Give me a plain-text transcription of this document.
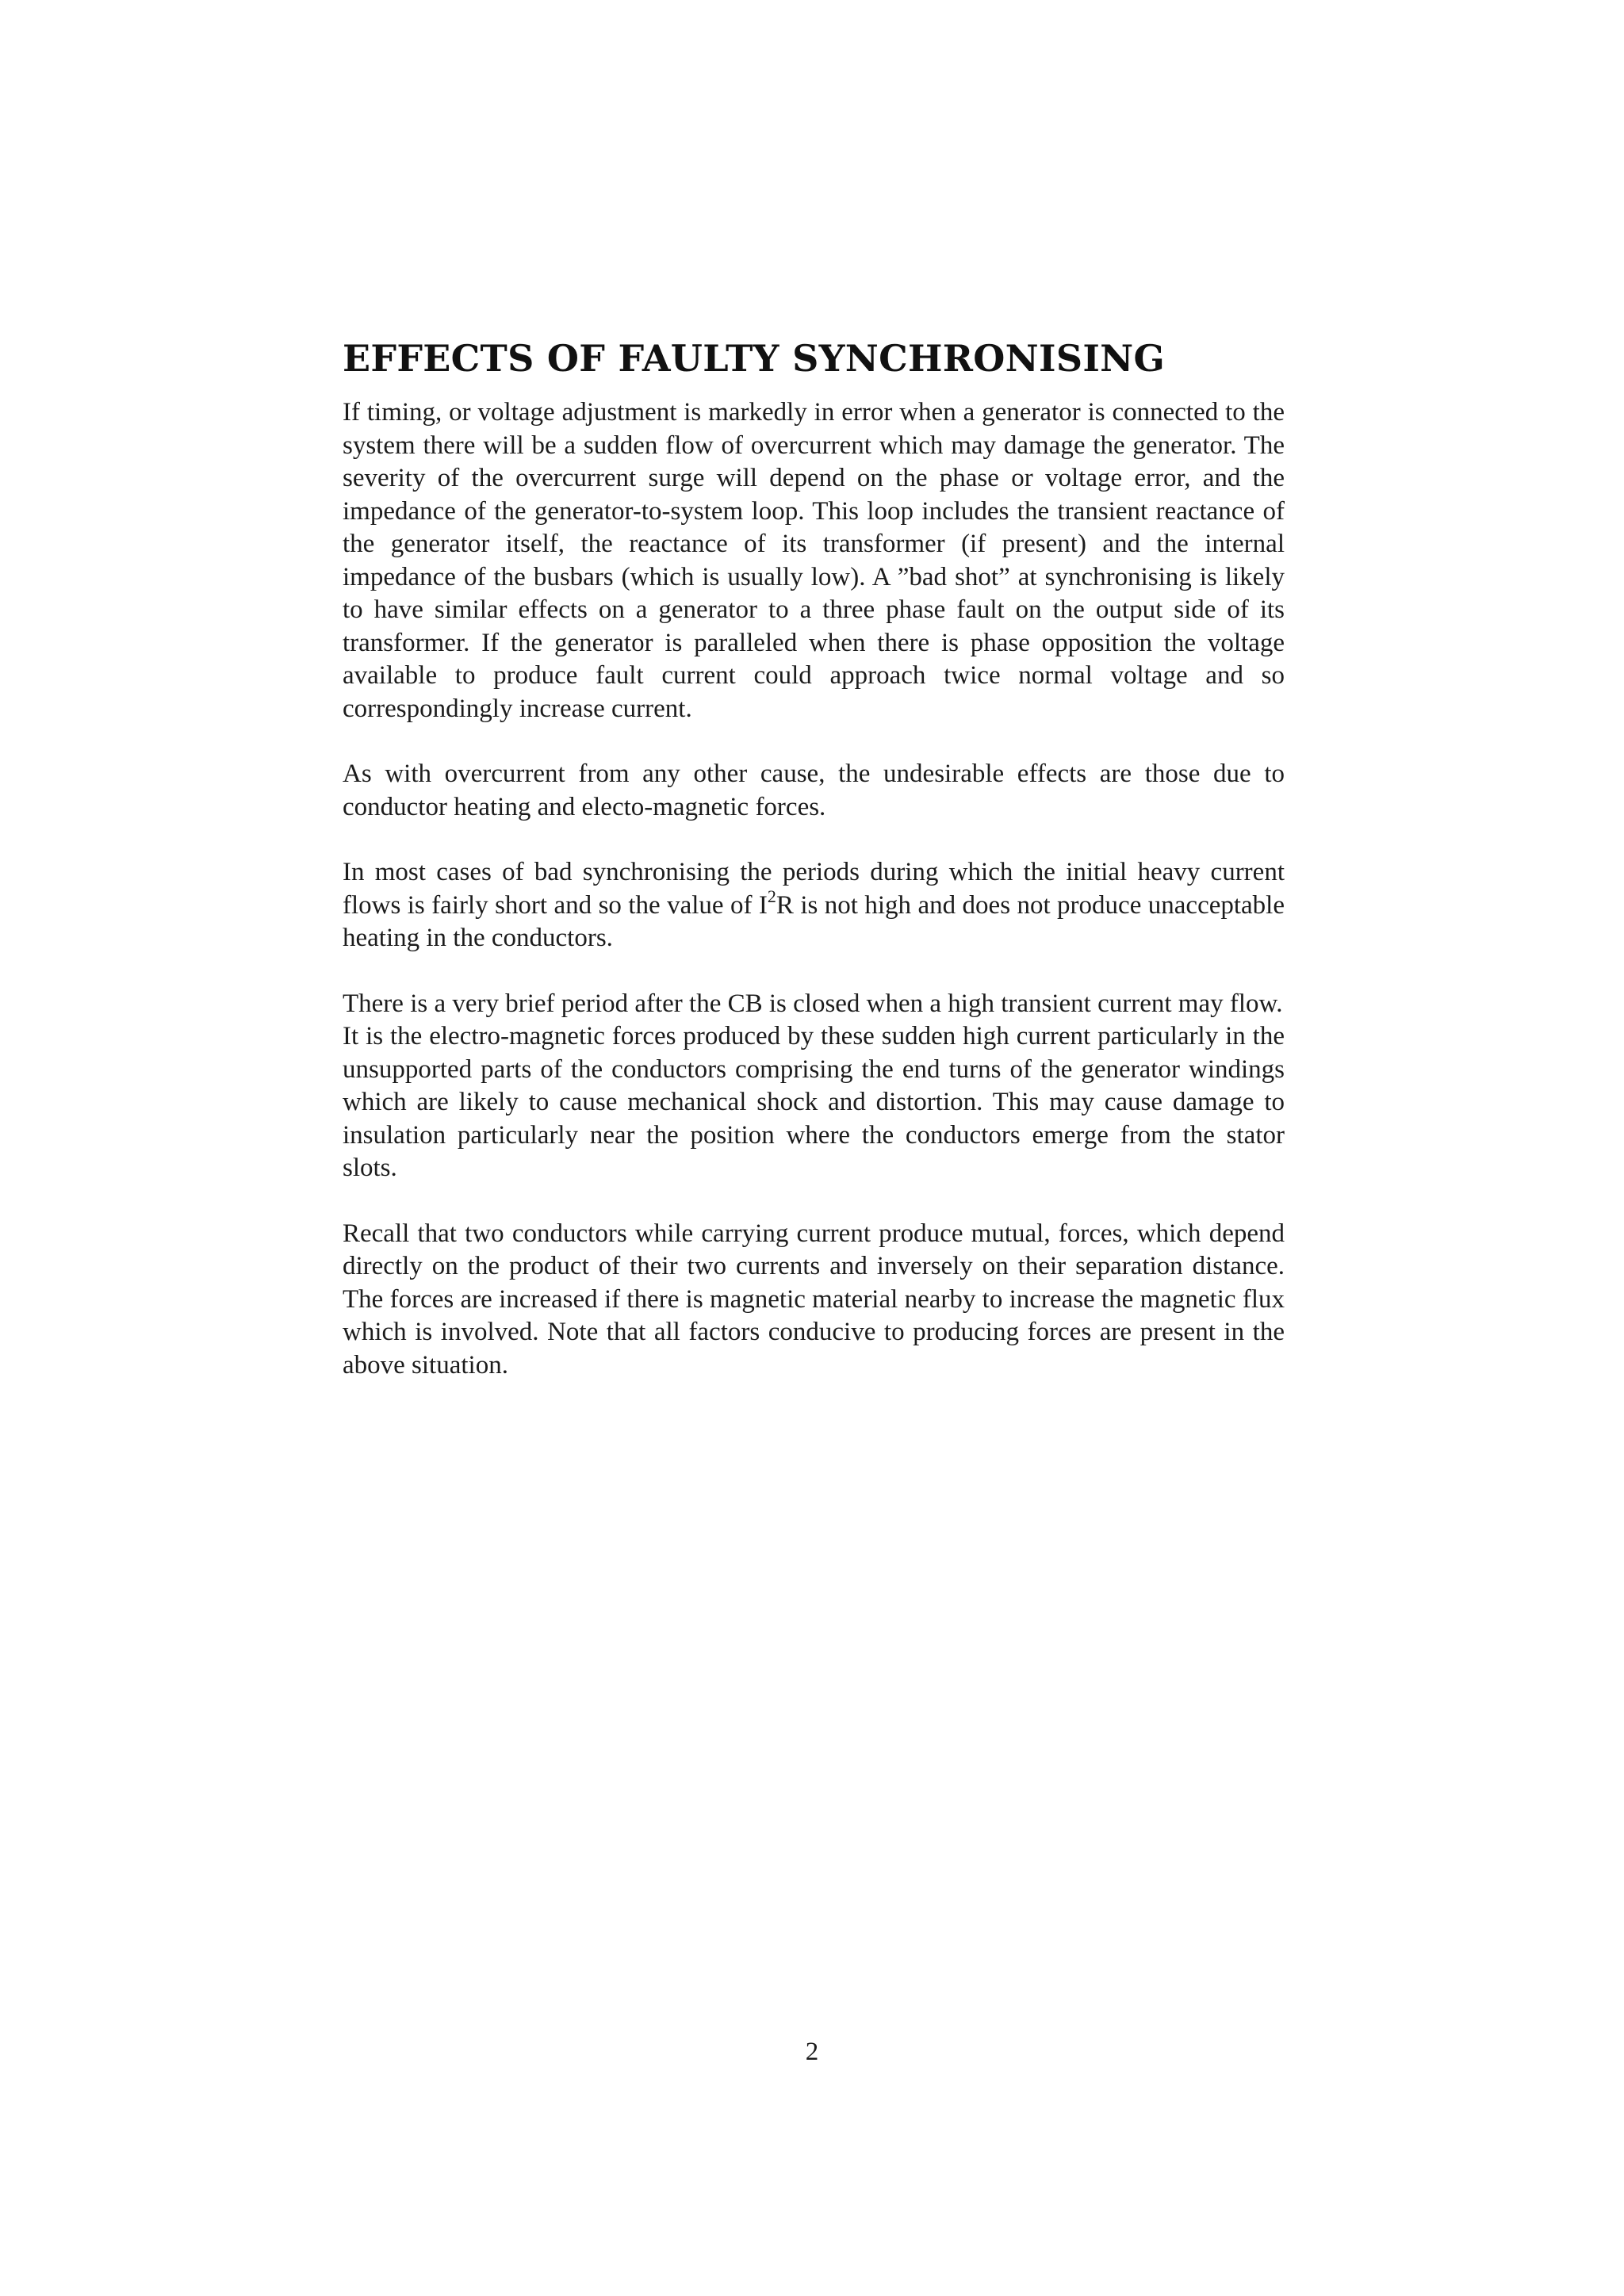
EFFECTS OF FAULTY SYNCHRONISING

If timing, or voltage adjustment is markedly in error when a generator is connected to the system there will be a sudden flow of overcurrent which may damage the generator. The severity of the overcurrent surge will depend on the phase or voltage error, and the impedance of the generator-to-system loop. This loop includes the transient reactance of the generator itself, the reactance of its transformer (if present) and the internal impedance of the busbars (which is usually low). A ”bad shot” at synchronising is likely to have similar effects on a generator to a three phase fault on the output side of its transformer. If the generator is paralleled when there is phase opposition the voltage available to produce fault current could approach twice normal voltage and so correspondingly increase current.

As with overcurrent from any other cause, the undesirable effects are those due to conductor heating and electo-magnetic forces.

In most cases of bad synchronising the periods during which the initial heavy current flows is fairly short and so the value of $I^2R$ is not high and does not produce unacceptable heating in the conductors.

There is a very brief period after the CB is closed when a high transient current may flow.

It is the electro-magnetic forces produced by these sudden high current particularly in the unsupported parts of the conductors comprising the end turns of the generator windings which are likely to cause mechanical shock and distortion. This may cause damage to insulation particularly near the position where the conductors emerge from the stator slots.

Recall that two conductors while carrying current produce mutual, forces, which depend directly on the product of their two currents and inversely on their separation distance. The forces are increased if there is magnetic material nearby to increase the magnetic flux which is involved. Note that all factors conducive to producing forces are present in the above situation.

2
